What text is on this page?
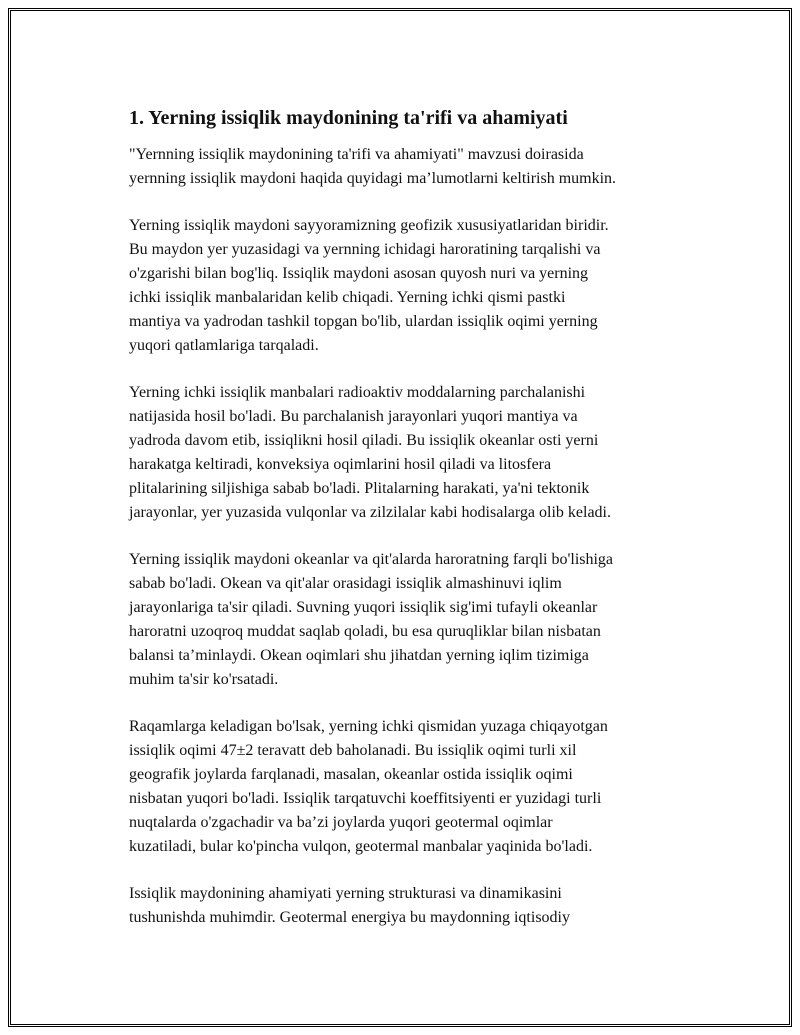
1. Yerning issiqlik maydonining ta'rifi va ahamiyati

"Yernning issiqlik maydonining ta'rifi va ahamiyati" mavzusi doirasida
yernning issiqlik maydoni haqida quyidagi ma’lumotlarni keltirish mumkin.

Yerning issiqlik maydoni sayyoramizning geofizik xususiyatlaridan biridir.
Bu maydon yer yuzasidagi va yernning ichidagi haroratining tarqalishi va
o'zgarishi bilan bog'liq. Issiqlik maydoni asosan quyosh nuri va yerning
ichki issiqlik manbalaridan kelib chiqadi. Yerning ichki qismi pastki
mantiya va yadrodan tashkil topgan bo'lib, ulardan issiqlik oqimi yerning
yuqori qatlamlariga tarqaladi.

Yerning ichki issiqlik manbalari radioaktiv moddalarning parchalanishi
natijasida hosil bo'ladi. Bu parchalanish jarayonlari yuqori mantiya va
yadroda davom etib, issiqlikni hosil qiladi. Bu issiqlik okeanlar osti yerni
harakatga keltiradi, konveksiya oqimlarini hosil qiladi va litosfera
plitalarining siljishiga sabab bo'ladi. Plitalarning harakati, ya'ni tektonik
jarayonlar, yer yuzasida vulqonlar va zilzilalar kabi hodisalarga olib keladi.

Yerning issiqlik maydoni okeanlar va qit'alarda haroratning farqli bo'lishiga
sabab bo'ladi. Okean va qit'alar orasidagi issiqlik almashinuvi iqlim
jarayonlariga ta'sir qiladi. Suvning yuqori issiqlik sig'imi tufayli okeanlar
haroratni uzoqroq muddat saqlab qoladi, bu esa quruqliklar bilan nisbatan
balansi ta’minlaydi. Okean oqimlari shu jihatdan yerning iqlim tizimiga
muhim ta'sir ko'rsatadi.

Raqamlarga keladigan bo'lsak, yerning ichki qismidan yuzaga chiqayotgan
issiqlik oqimi 47±2 teravatt deb baholanadi. Bu issiqlik oqimi turli xil
geografik joylarda farqlanadi, masalan, okeanlar ostida issiqlik oqimi
nisbatan yuqori bo'ladi. Issiqlik tarqatuvchi koeffitsiyenti er yuzidagi turli
nuqtalarda o'zgachadir va ba’zi joylarda yuqori geotermal oqimlar
kuzatiladi, bular ko'pincha vulqon, geotermal manbalar yaqinida bo'ladi.

Issiqlik maydonining ahamiyati yerning strukturasi va dinamikasini
tushunishda muhimdir. Geotermal energiya bu maydonning iqtisodiy
